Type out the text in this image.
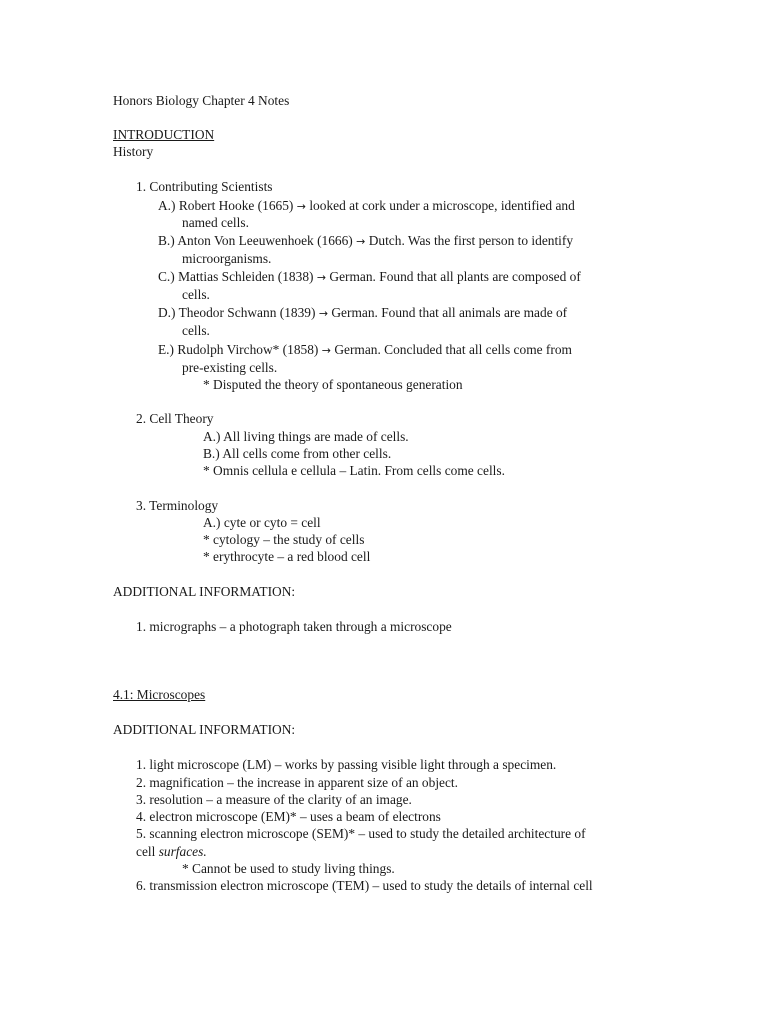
Honors Biology Chapter 4 Notes
INTRODUCTION
History
1. Contributing Scientists
A.) Robert Hooke (1665) → looked at cork under a microscope, identified and
named cells.
B.) Anton Von Leeuwenhoek (1666) → Dutch. Was the first person to identify
microorganisms.
C.) Mattias Schleiden (1838) → German. Found that all plants are composed of
cells.
D.) Theodor Schwann (1839) → German. Found that all animals are made of
cells.
E.) Rudolph Virchow* (1858) → German. Concluded that all cells come from
pre-existing cells.
* Disputed the theory of spontaneous generation
2. Cell Theory
A.) All living things are made of cells.
B.) All cells come from other cells.
* Omnis cellula e cellula – Latin. From cells come cells.
3. Terminology
A.) cyte or cyto = cell
* cytology – the study of cells
* erythrocyte – a red blood cell
ADDITIONAL INFORMATION:
1. micrographs – a photograph taken through a microscope
4.1: Microscopes
ADDITIONAL INFORMATION:
1. light microscope (LM) – works by passing visible light through a specimen.
2. magnification – the increase in apparent size of an object.
3. resolution – a measure of the clarity of an image.
4. electron microscope (EM)* – uses a beam of electrons
5. scanning electron microscope (SEM)* – used to study the detailed architecture of
cell surfaces.
* Cannot be used to study living things.
6. transmission electron microscope (TEM) – used to study the details of internal cell
